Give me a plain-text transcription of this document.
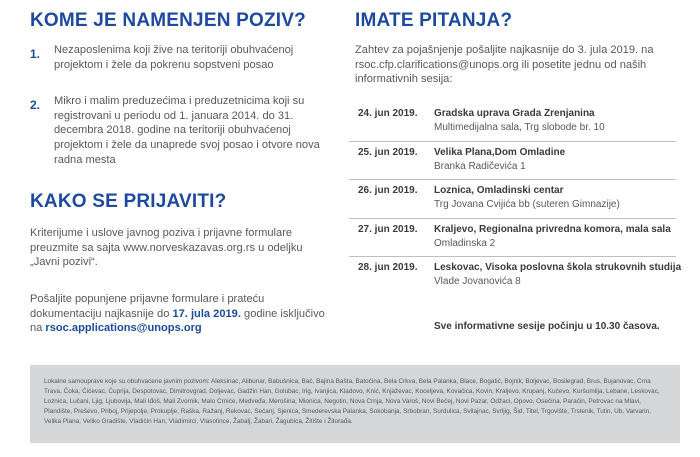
KOME JE NAMENJEN POZIV?
1. Nezaposlenima koji žive na teritoriji obuhvaćenoj projektom i žele da pokrenu sopstveni posao
2. Mikro i malim preduzećima i preduzetnicima koji su registrovani u periodu od 1. januara 2014. do 31. decembra 2018. godine na teritoriji obuhvaćenoj projektom i žele da unaprede svoj posao i otvore nova radna mesta
KAKO SE PRIJAVITI?
Kriterijume i uslove javnog poziva i prijavne formulare preuzmite sa sajta www.norveskazavas.org.rs u odeljku „Javni pozivi“.
Pošaljite popunjene prijavne formulare i prateću dokumentaciju najkasnije do 17. jula 2019. godine isključivo na rsoc.applications@unops.org
IMATE PITANJA?
Zahtev za pojašnjenje pošaljite najkasnije do 3. jula 2019. na rsoc.cfp.clarifications@unops.org ili posetite jednu od naših informativnih sesija:
24. jun 2019. Gradska uprava Grada Zrenjanina
Multimedijalna sala, Trg slobode br. 10
25. jun 2019. Velika Plana,Dom Omladine
Branka Radičevića 1
26. jun 2019. Loznica, Omladinski centar
Trg Jovana Cvijića bb (suteren Gimnazije)
27. jun 2019. Kraljevo, Regionalna privredna komora, mala sala
Omladinska 2
28. jun 2019. Leskovac, Visoka poslovna škola strukovnih studija
Vlade Jovanovića 8
Sve informativne sesije počinju u 10.30 časova.
Lokalne samouprave koje su obuhvaćene javnim pozivom: Aleksinac, Alibunar, Babušnica, Bač, Bajina Bašta, Batočina, Bela Crkva, Bela Palanka, Blace, Bogatić, Bojnik, Boljevac, Bosilegrad, Brus, Bujanovac, Crna Trava, Čoka, Ćićevac, Ćuprija, Despotovac, Dimitrovgrad, Doljevac, Gadžin Han, Golubac, Irig, Ivanjica, Kladovo, Knić, Knjaževac, Koceljeva, Kovačica, Kovin, Kraljevo, Krupanj, Kučevo, Kuršumlija, Lebane, Leskovac, Loznica, Lučani, Ljig, Ljubovija, Mali Iđoš, Mali Zvornik, Malo Crniće, Medveđa, Merošina, Mionica, Negotin, Nova Crnja, Nova Varoš, Novi Bečej, Novi Pazar, Odžaci, Opovo, Osečina, Paraćin, Petrovac na Mlavi, Plandište, Preševo, Priboj, Prijepolje, Prokuplje, Raška, Ražanj, Rekovac, Sečanj, Sjenica, Smederevska Palanka, Sokobanja, Srbobran, Surdulica, Svilajnac, Svrljig, Šid, Titel, Trgovište, Trstenik, Tutin, Ub, Varvarin, Velika Plana, Veliko Gradište, Vladičin Han, Vladimirci, Vlasotince, Žabalj, Žabari, Žagubica, Žitište i Žitorađa.
